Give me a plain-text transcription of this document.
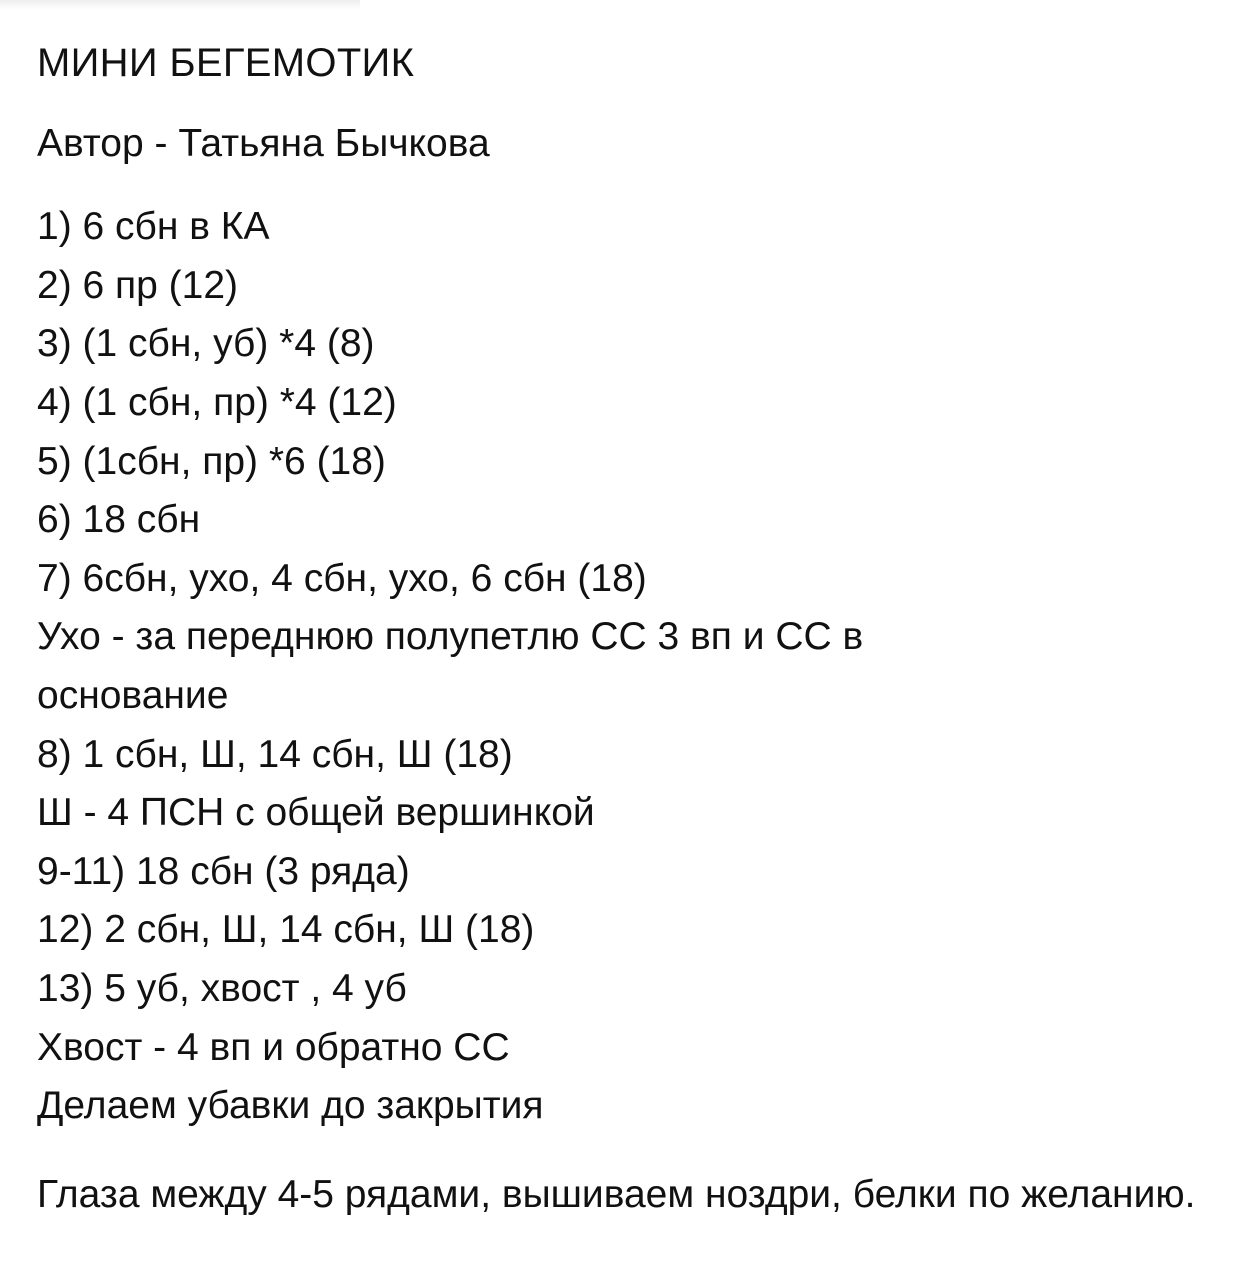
МИНИ БЕГЕМОТИК

Автор - Татьяна Бычкова

1) 6 сбн в КА

2) 6 пр (12)

3) (1 сбн, уб) *4 (8)

4) (1 сбн, пр) *4 (12)

5) (1сбн, пр) *6 (18)

6) 18 сбн

7) 6сбн, ухо, 4 сбн, ухо, 6 сбн (18)

Ухо - за переднюю полупетлю СС 3 вп и СС в основание

8) 1 сбн, Ш, 14 сбн, Ш (18)

Ш - 4 ПСН с общей вершинкой

9-11) 18 сбн (3 ряда)

12) 2 сбн, Ш, 14 сбн, Ш (18)

13) 5 уб, хвост , 4 уб

Хвост - 4 вп и обратно СС

Делаем убавки до закрытия

Глаза между 4-5 рядами, вышиваем ноздри, белки по желанию.
